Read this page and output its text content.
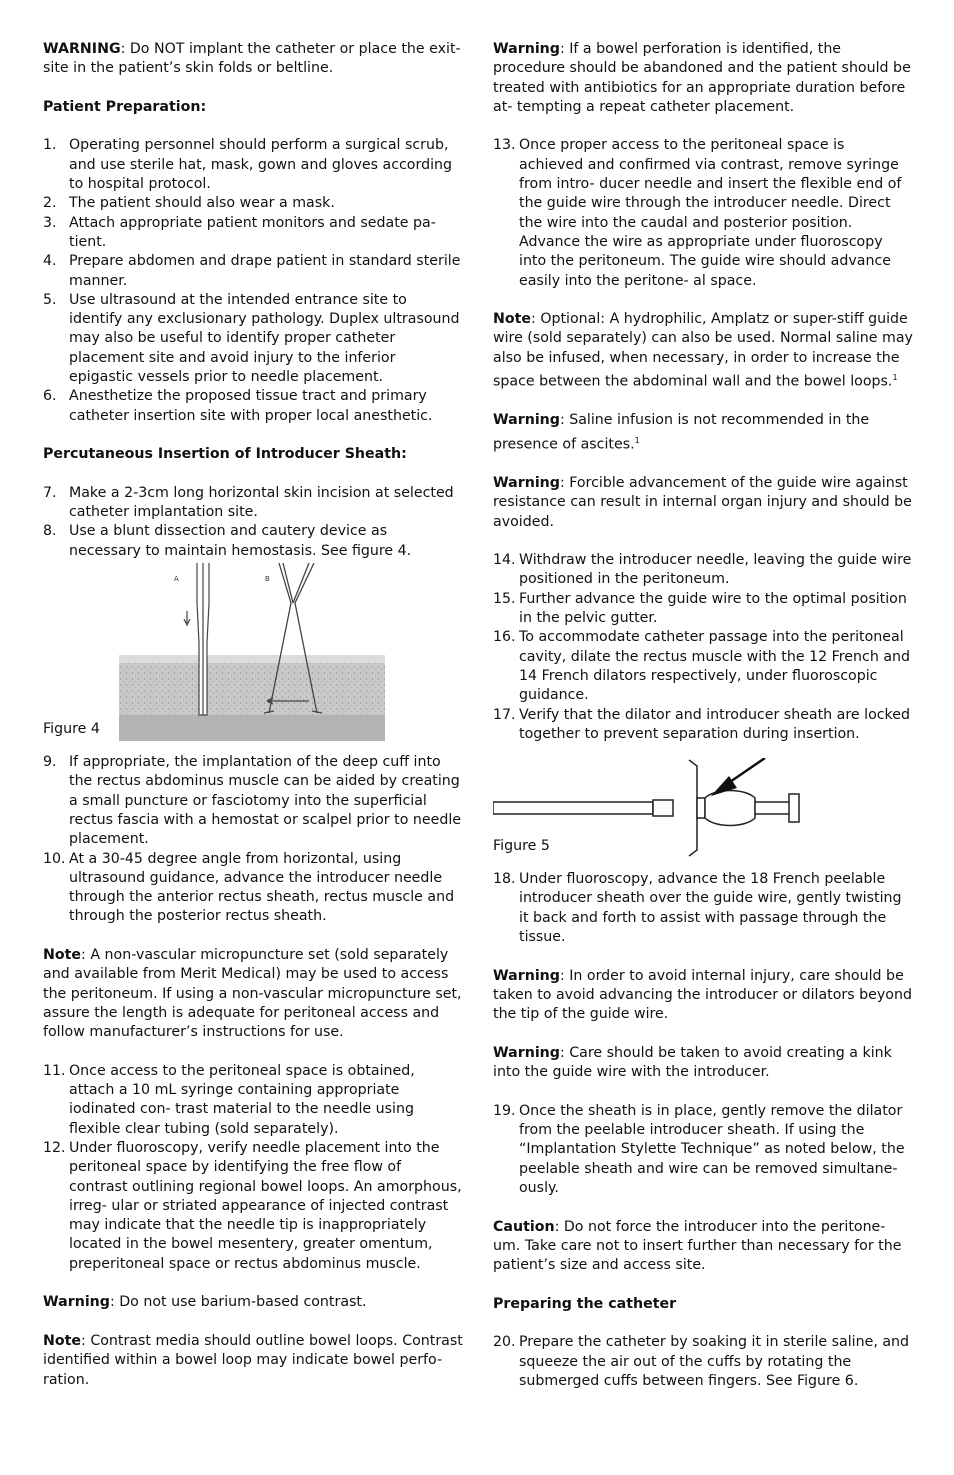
WARNING: Do NOT implant the catheter or place the exit-site in the patient’s skin folds or beltline.

Patient Preparation:

1. Operating personnel should perform a surgical scrub, and use sterile hat, mask, gown and gloves according to hospital protocol.
2. The patient should also wear a mask.
3. Attach appropriate patient monitors and sedate pa- tient.
4. Prepare abdomen and drape patient in standard sterile manner.
5. Use ultrasound at the intended entrance site to identify any exclusionary pathology. Duplex ultrasound may also be useful to identify proper catheter placement site and avoid injury to the inferior epigastic vessels prior to needle placement.
6. Anesthetize the proposed tissue tract and primary catheter insertion site with proper local anesthetic.

Percutaneous Insertion of Introducer Sheath:

7. Make a 2-3cm long horizontal skin incision at selected catheter implantation site.
8. Use a blunt dissection and cautery device as necessary to maintain hemostasis. See figure 4.
Figure 4
A	B
9. If appropriate, the implantation of the deep cuff into the rectus abdominus muscle can be aided by creating a small puncture or fasciotomy into the superficial rectus fascia with a hemostat or scalpel prior to needle placement.
10. At a 30-45 degree angle from horizontal, using ultrasound guidance, advance the introducer needle through the anterior rectus sheath, rectus muscle and through the posterior rectus sheath.

Note: A non-vascular micropuncture set (sold separately and available from Merit Medical) may be used to access the peritoneum. If using a non-vascular micropuncture set, assure the length is adequate for peritoneal access and follow manufacturer’s instructions for use.

11. Once access to the peritoneal space is obtained, attach a 10 mL syringe containing appropriate iodinated con- trast material to the needle using flexible clear tubing (sold separately).
12. Under fluoroscopy, verify needle placement into the peritoneal space by identifying the free flow of contrast outlining regional bowel loops. An amorphous, irreg- ular or striated appearance of injected contrast may indicate that the needle tip is inappropriately located in the bowel mesentery, greater omentum, preperitoneal space or rectus abdominus muscle.

Warning: Do not use barium-based contrast.

Note: Contrast media should outline bowel loops. Contrast identified within a bowel loop may indicate bowel perfo- ration.

Warning: If a bowel perforation is identified, the procedure should be abandoned and the patient should be treated with antibiotics for an appropriate duration before at- tempting a repeat catheter placement.

13. Once proper access to the peritoneal space is achieved and confirmed via contrast, remove syringe from intro- ducer needle and insert the flexible end of the guide wire through the introducer needle. Direct the wire into the caudal and posterior position. Advance the wire as appropriate under fluoroscopy into the peritoneum. The guide wire should advance easily into the peritone- al space.

Note: Optional: A hydrophilic, Amplatz or super-stiff guide wire (sold separately) can also be used. Normal saline may also be infused, when necessary, in order to increase the space between the abdominal wall and the bowel loops.$^1$

Warning: Saline infusion is not recommended in the presence of ascites.$^1$

Warning: Forcible advancement of the guide wire against resistance can result in internal organ injury and should be avoided.

14. Withdraw the introducer needle, leaving the guide wire positioned in the peritoneum.
15. Further advance the guide wire to the optimal position in the pelvic gutter.
16. To accommodate catheter passage into the peritoneal cavity, dilate the rectus muscle with the 12 French and 14 French dilators respectively, under fluoroscopic guidance.
17. Verify that the dilator and introducer sheath are locked together to prevent separation during insertion.
Figure 5
18. Under fluoroscopy, advance the 18 French peelable introducer sheath over the guide wire, gently twisting it back and forth to assist with passage through the tissue.

Warning: In order to avoid internal injury, care should be taken to avoid advancing the introducer or dilators beyond the tip of the guide wire.

Warning: Care should be taken to avoid creating a kink into the guide wire with the introducer.

19. Once the sheath is in place, gently remove the dilator from the peelable introducer sheath. If using the “Implantation Stylette Technique” as noted below, the peelable sheath and wire can be removed simultane- ously.

Caution: Do not force the introducer into the peritone- um. Take care not to insert further than necessary for the patient’s size and access site.

Preparing the catheter

20. Prepare the catheter by soaking it in sterile saline, and squeeze the air out of the cuffs by rotating the submerged cuffs between fingers. See Figure 6.
